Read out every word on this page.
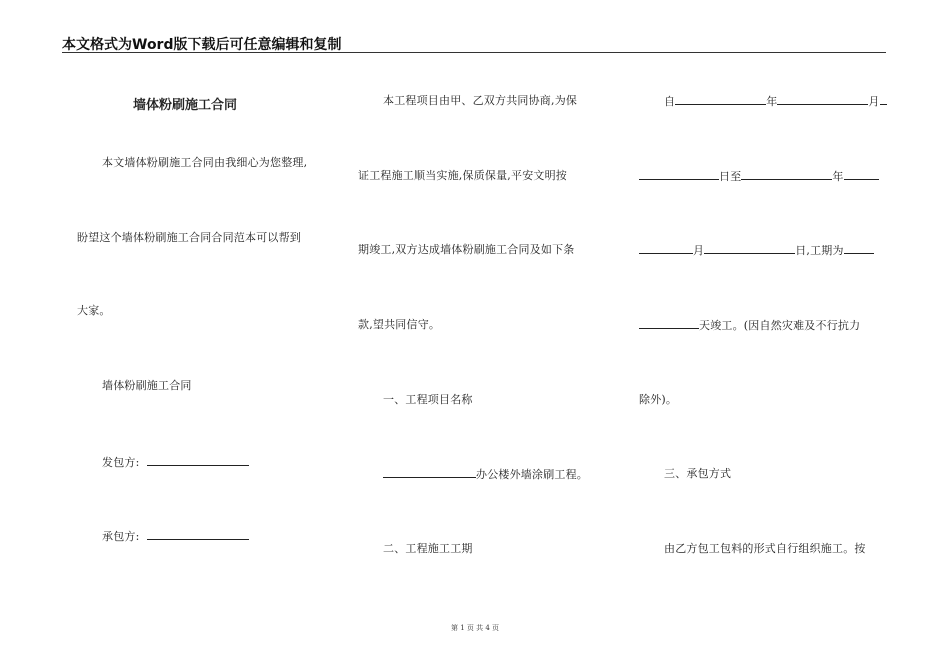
本文格式为Word版下载后可任意编辑和复制
墙体粉刷施工合同
本文墙体粉刷施工合同由我细心为您整理,
盼望这个墙体粉刷施工合同合同范本可以帮到
大家。
墙体粉刷施工合同
发包方:
承包方:
本工程项目由甲、乙双方共同协商,为保
证工程施工顺当实施,保质保量,平安文明按
期竣工,双方达成墙体粉刷施工合同及如下条
款,望共同信守。
一、工程项目名称
办公楼外墙涂刷工程。
二、工程施工工期
自	年	月
日至	年
月	日,工期为
天竣工。(因自然灾难及不行抗力
除外)。
三、承包方式
由乙方包工包料的形式自行组织施工。按
第 1 页 共 4 页
